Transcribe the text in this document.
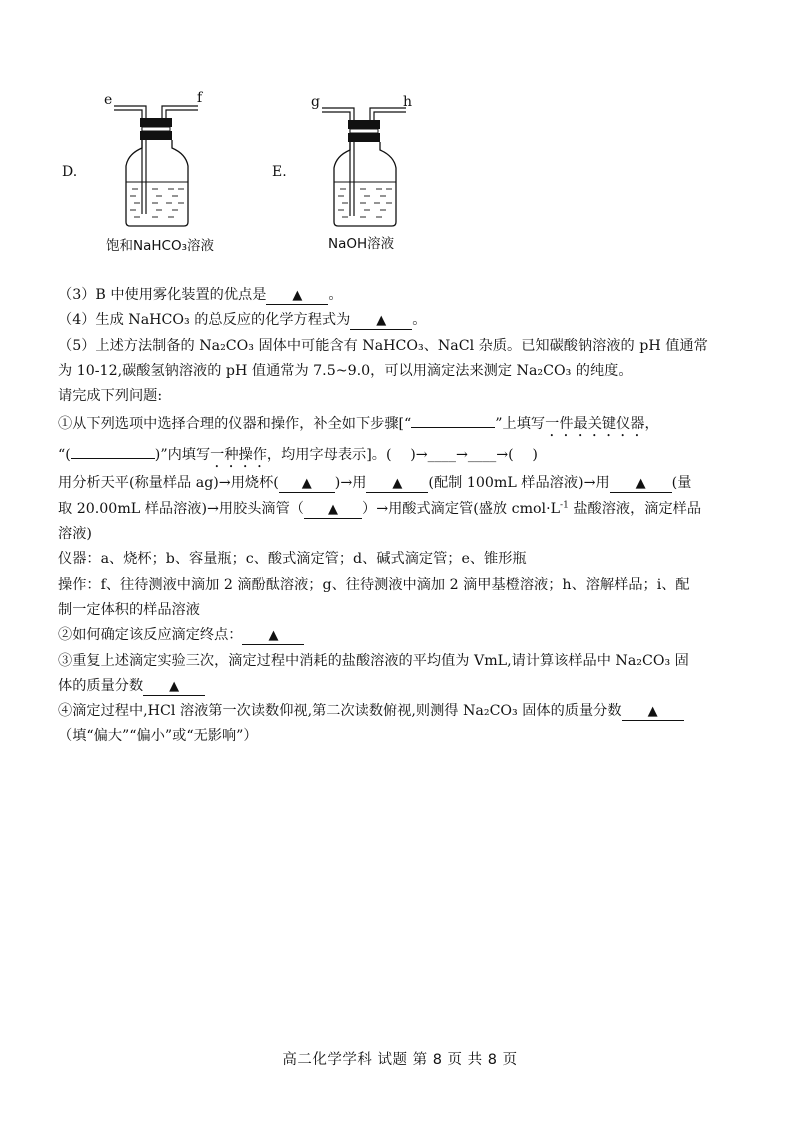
D.
e	f
饱和NaHCO₃溶液
E.
g	h
NaOH溶液
（3）B 中使用雾化装置的优点是 ▲ 。
（4）生成 NaHCO₃ 的总反应的化学方程式为 ▲ 。
（5）上述方法制备的 Na₂CO₃ 固体中可能含有 NaHCO₃、NaCl 杂质。已知碳酸钠溶液的 pH 值通常
为 10-12,碳酸氢钠溶液的 pH 值通常为 7.5~9.0，可以用滴定法来测定 Na₂CO₃ 的纯度。
请完成下列问题:
①从下列选项中选择合理的仪器和操作，补全如下步骤[“	”上填写一件最关键仪器，
“(	)”内填写一种操作，均用字母表示]。(　 )→____→____→(　 )
用分析天平(称量样品 ag)→用烧杯( ▲ )→用 ▲ (配制 100mL 样品溶液)→用 ▲ (量
取 20.00mL 样品溶液)→用胶头滴管（ ▲ ）→用酸式滴定管(盛放 $cmol\cdot L^{-1}$ 盐酸溶液，滴定样品
溶液)
仪器：a、烧杯；b、容量瓶；c、酸式滴定管；d、碱式滴定管；e、锥形瓶
操作：f、往待测液中滴加 2 滴酚酞溶液；g、往待测液中滴加 2 滴甲基橙溶液；h、溶解样品；i、配
制一定体积的样品溶液
②如何确定该反应滴定终点： ▲
③重复上述滴定实验三次，滴定过程中消耗的盐酸溶液的平均值为 VmL,请计算该样品中 Na₂CO₃ 固
体的质量分数 ▲
④滴定过程中,HCl 溶液第一次读数仰视,第二次读数俯视,则测得 Na₂CO₃ 固体的质量分数 ▲
（填“偏大”“偏小”或“无影响”）
高二化学学科 试题 第 8 页 共 8 页
